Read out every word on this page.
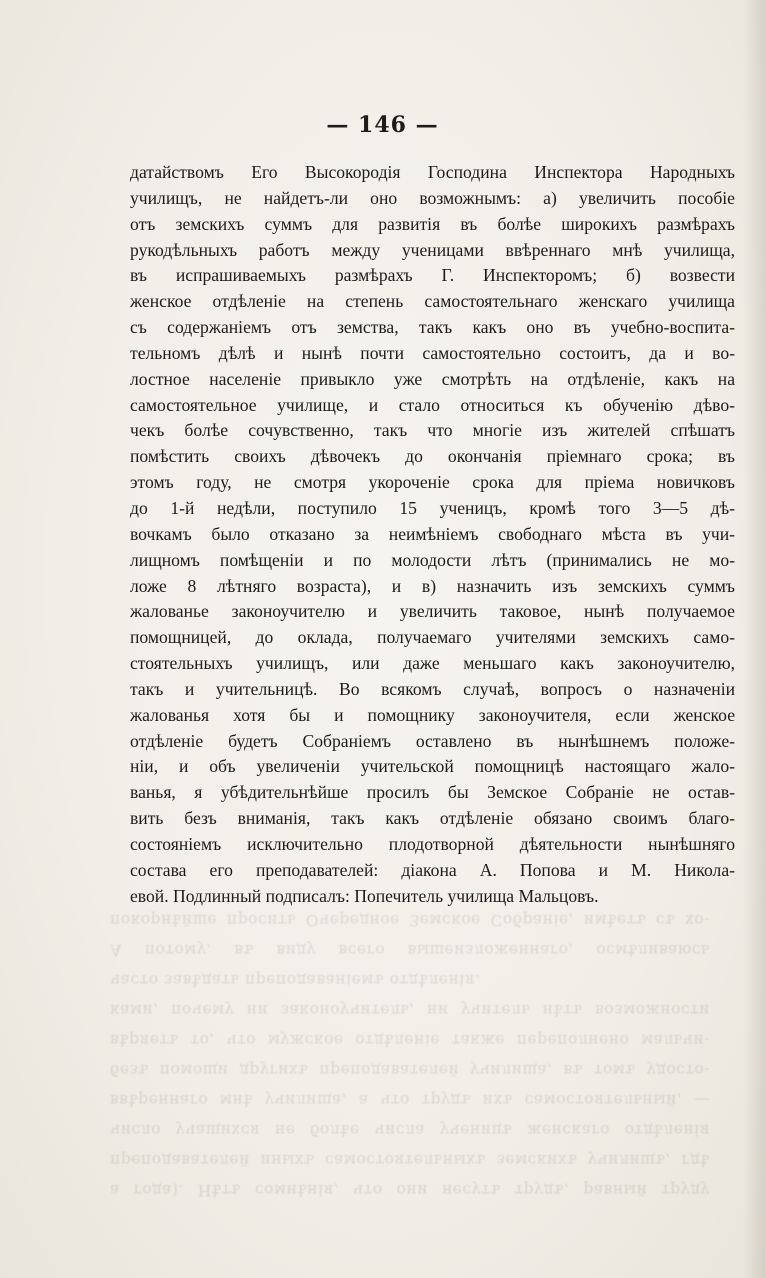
а года). Нѣтъ сомнѣнія, что они несутъ трудъ, равный труду
преподавателей иныхъ самостоятельныхъ земскихъ училищъ, гдѣ
число учащихся не болѣе числа ученицъ женскаго отдѣленія
ввѣреннаго мнѣ училища, а что трудъ ихъ самостоятельный, —
безъ помощи другихъ преподавателей училища, въ томъ удосто-
вѣряетъ то, что мужское отдѣленіе также переполнено мальчи-
ками, почему ни законоучитель, ни учитель нѣтъ возможности
часто завѣдать преподаваніемъ отдѣленія.
А потому, въ виду всего вышеизложеннаго, осмѣливаюсь
покорнѣйше просить Очередное Земское Собраніе, имѣетъ съ хо-
— 146 —
датайствомъ Его Высокородія Господина Инспектора Народныхъ
училищъ, не найдетъ-ли оно возможнымъ: а) увеличить пособіе
отъ земскихъ суммъ для развитія въ болѣе широкихъ размѣрахъ
рукодѣльныхъ работъ между ученицами ввѣреннаго мнѣ училища,
въ испрашиваемыхъ размѣрахъ Г. Инспекторомъ; б) возвести
женское отдѣленіе на степень самостоятельнаго женскаго училища
съ содержаніемъ отъ земства, такъ какъ оно въ учебно-воспита-
тельномъ дѣлѣ и нынѣ почти самостоятельно состоитъ, да и во-
лостное населеніе привыкло уже смотрѣть на отдѣленіе, какъ на
самостоятельное училище, и стало относиться къ обученію дѣво-
чекъ болѣе сочувственно, такъ что многіе изъ жителей спѣшатъ
помѣстить своихъ дѣвочекъ до окончанія пріемнаго срока; въ
этомъ году, не смотря укороченіе срока для пріема новичковъ
до 1-й недѣли, поступило 15 ученицъ, кромѣ того 3—5 дѣ-
вочкамъ было отказано за неимѣніемъ свободнаго мѣста въ учи-
лищномъ помѣщеніи и по молодости лѣтъ (принимались не мо-
ложе 8 лѣтняго возраста), и в) назначить изъ земскихъ суммъ
жалованье законоучителю и увеличить таковое, нынѣ получаемое
помощницей, до оклада, получаемаго учителями земскихъ само-
стоятельныхъ училищъ, или даже меньшаго какъ законоучителю,
такъ и учительницѣ. Во всякомъ случаѣ, вопросъ о назначеніи
жалованья хотя бы и помощнику законоучителя, если женское
отдѣленіе будетъ Собраніемъ оставлено въ нынѣшнемъ положе-
ніи, и объ увеличеніи учительской помощницѣ настоящаго жало-
ванья, я убѣдительнѣйше просилъ бы Земское Собраніе не остав-
вить безъ вниманія, такъ какъ отдѣленіе обязано своимъ благо-
состояніемъ исключительно плодотворной дѣятельности нынѣшняго
состава его преподавателей: діакона А. Попова и М. Никола-
евой. Подлинный подписалъ: Попечитель училища Мальцовъ.
